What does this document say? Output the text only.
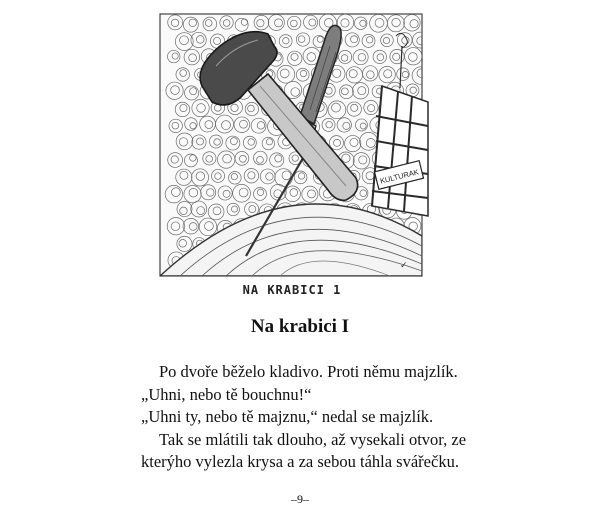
KULTURAK
✓
NA KRABICI 1
Na krabici I
Po dvoře běželo kladivo. Proti němu majzlík.
„Uhni, nebo tě bouchnu!“
„Uhni ty, nebo tě majznu,“ nedal se majzlík.
Tak se mlátili tak dlouho, až vysekali otvor, ze
kterýho vylezla krysa a za sebou táhla svářečku.
–9–
